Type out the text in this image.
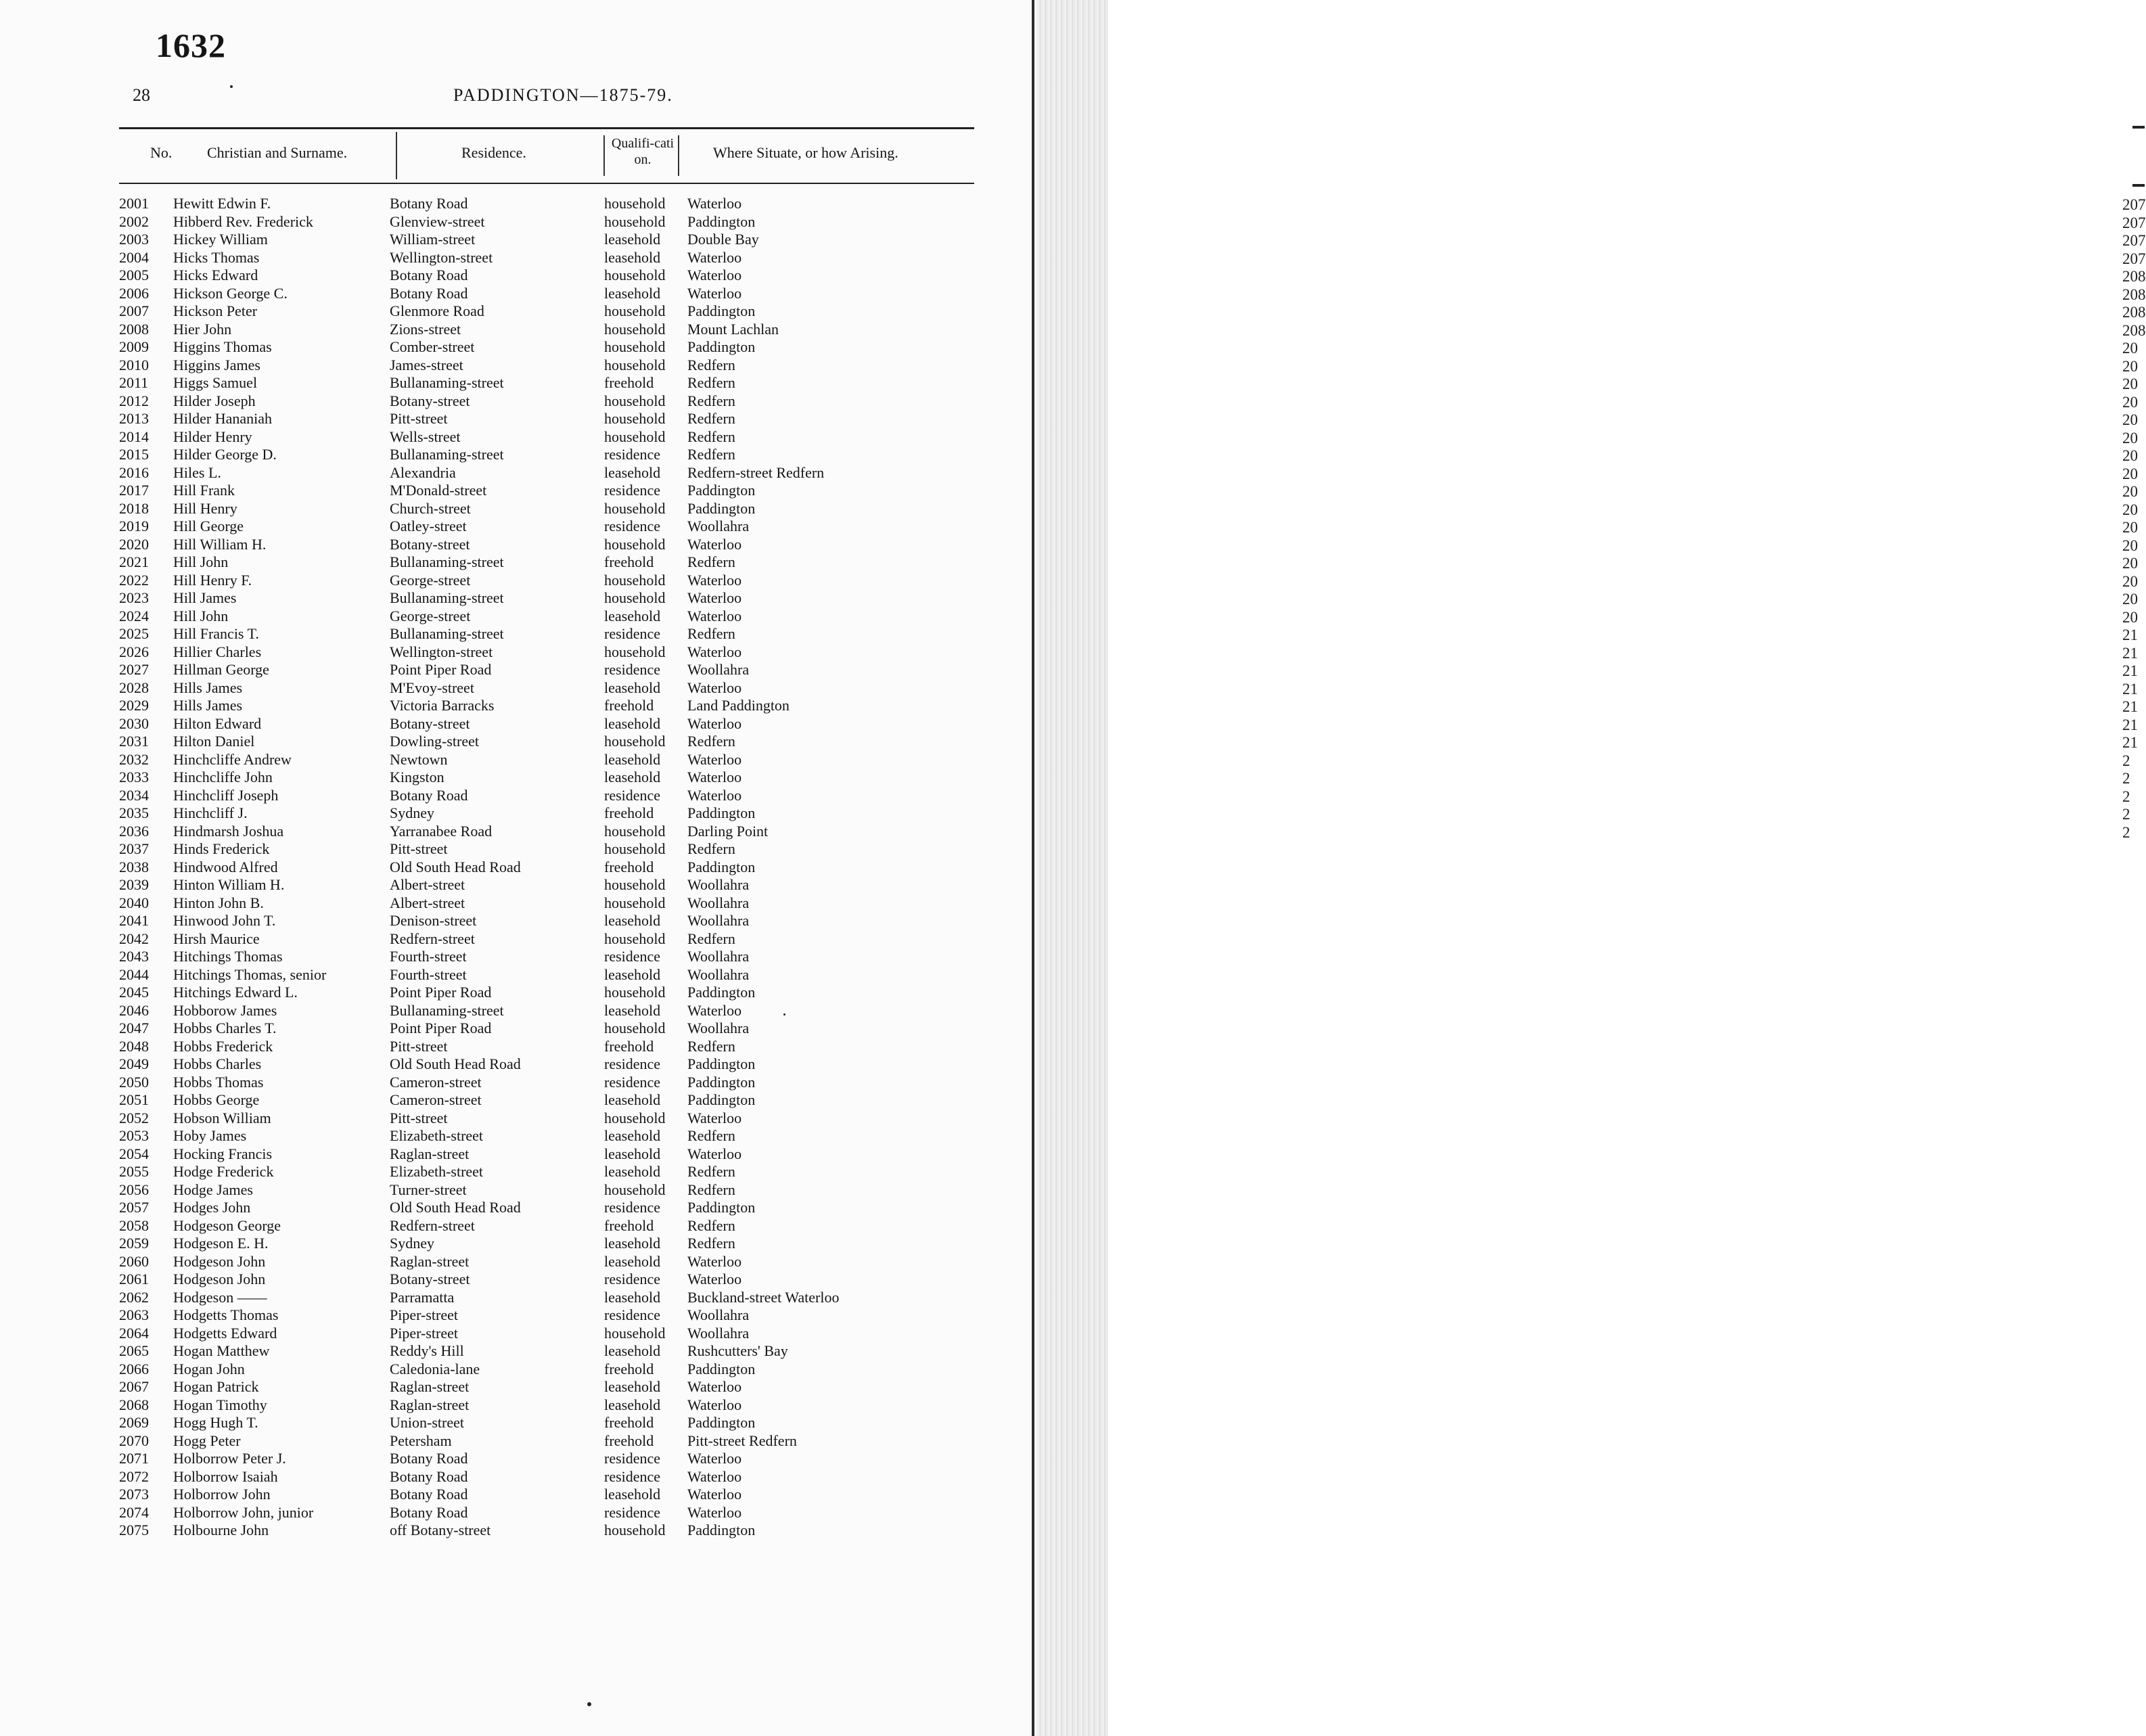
1632
28	PADDINGTON—1875-79.
No. Christian and Surname.	Residence.
Qualifi-cation.	Where Situate, or how Arising.
2001 Hewitt Edwin F.	Botany Road	household Waterloo
2002 Hibberd Rev. Frederick	Glenview-street	household Paddington
2003 Hickey William	William-street	leasehold Double Bay
2004 Hicks Thomas	Wellington-street	leasehold Waterloo
2005 Hicks Edward	Botany Road	household Waterloo
2006 Hickson George C.	Botany Road	leasehold Waterloo
2007 Hickson Peter	Glenmore Road	household Paddington
2008 Hier John	Zions-street	household Mount Lachlan
2009 Higgins Thomas	Comber-street	household Paddington
2010 Higgins James	James-street	household Redfern
2011 Higgs Samuel	Bullanaming-street	freehold Redfern
2012 Hilder Joseph	Botany-street	household Redfern
2013 Hilder Hananiah	Pitt-street	household Redfern
2014 Hilder Henry	Wells-street	household Redfern
2015 Hilder George D.	Bullanaming-street	residence Redfern
2016 Hiles L.	Alexandria	leasehold Redfern-street Redfern
2017 Hill Frank	M'Donald-street	residence Paddington
2018 Hill Henry	Church-street	household Paddington
2019 Hill George	Oatley-street	residence Woollahra
2020 Hill William H.	Botany-street	household Waterloo
2021 Hill John	Bullanaming-street	freehold Redfern
2022 Hill Henry F.	George-street	household Waterloo
2023 Hill James	Bullanaming-street	household Waterloo
2024 Hill John	George-street	leasehold Waterloo
2025 Hill Francis T.	Bullanaming-street	residence Redfern
2026 Hillier Charles	Wellington-street	household Waterloo
2027 Hillman George	Point Piper Road	residence Woollahra
2028 Hills James	M'Evoy-street	leasehold Waterloo
2029 Hills James	Victoria Barracks	freehold Land Paddington
2030 Hilton Edward	Botany-street	leasehold Waterloo
2031 Hilton Daniel	Dowling-street	household Redfern
2032 Hinchcliffe Andrew	Newtown	leasehold Waterloo
2033 Hinchcliffe John	Kingston	leasehold Waterloo
2034 Hinchcliff Joseph	Botany Road	residence Waterloo
2035 Hinchcliff J.	Sydney	freehold Paddington
2036 Hindmarsh Joshua	Yarranabee Road	household Darling Point
2037 Hinds Frederick	Pitt-street	household Redfern
2038 Hindwood Alfred	Old South Head Road	freehold Paddington
2039 Hinton William H.	Albert-street	household Woollahra
2040 Hinton John B.	Albert-street	household Woollahra
2041 Hinwood John T.	Denison-street	leasehold Woollahra
2042 Hirsh Maurice	Redfern-street	household Redfern
2043 Hitchings Thomas	Fourth-street	residence Woollahra
2044 Hitchings Thomas, senior	Fourth-street	leasehold Woollahra
2045 Hitchings Edward L.	Point Piper Road	household Paddington
2046 Hobborow James	Bullanaming-street	leasehold Waterloo
2047 Hobbs Charles T.	Point Piper Road	household Woollahra
2048 Hobbs Frederick	Pitt-street	freehold Redfern
2049 Hobbs Charles	Old South Head Road	residence Paddington
2050 Hobbs Thomas	Cameron-street	residence Paddington
2051 Hobbs George	Cameron-street	leasehold Paddington
2052 Hobson William	Pitt-street	household Waterloo
2053 Hoby James	Elizabeth-street	leasehold Redfern
2054 Hocking Francis	Raglan-street	leasehold Waterloo
2055 Hodge Frederick	Elizabeth-street	leasehold Redfern
2056 Hodge James	Turner-street	household Redfern
2057 Hodges John	Old South Head Road	residence Paddington
2058 Hodgeson George	Redfern-street	freehold Redfern
2059 Hodgeson E. H.	Sydney	leasehold Redfern
2060 Hodgeson John	Raglan-street	leasehold Waterloo
2061 Hodgeson John	Botany-street	residence Waterloo
2062 Hodgeson ——	Parramatta	leasehold Buckland-street Waterloo
2063 Hodgetts Thomas	Piper-street	residence Woollahra
2064 Hodgetts Edward	Piper-street	household Woollahra
2065 Hogan Matthew	Reddy's Hill	leasehold Rushcutters' Bay
2066 Hogan John	Caledonia-lane	freehold Paddington
2067 Hogan Patrick	Raglan-street	leasehold Waterloo
2068 Hogan Timothy	Raglan-street	leasehold Waterloo
2069 Hogg Hugh T.	Union-street	freehold Paddington
2070 Hogg Peter	Petersham	freehold Pitt-street Redfern
2071 Holborrow Peter J.	Botany Road	residence Waterloo
2072 Holborrow Isaiah	Botany Road	residence Waterloo
2073 Holborrow John	Botany Road	leasehold Waterloo
2074 Holborrow John, junior	Botany Road	residence Waterloo
2075 Holbourne John	off Botany-street	household Paddington
207
207
207
207
208
208
208
208
20
20
20
20
20
20
20
20
20
20
20
20
20
20
20
20
21
21
21
21
21
21
21
2
2
2
2
2
